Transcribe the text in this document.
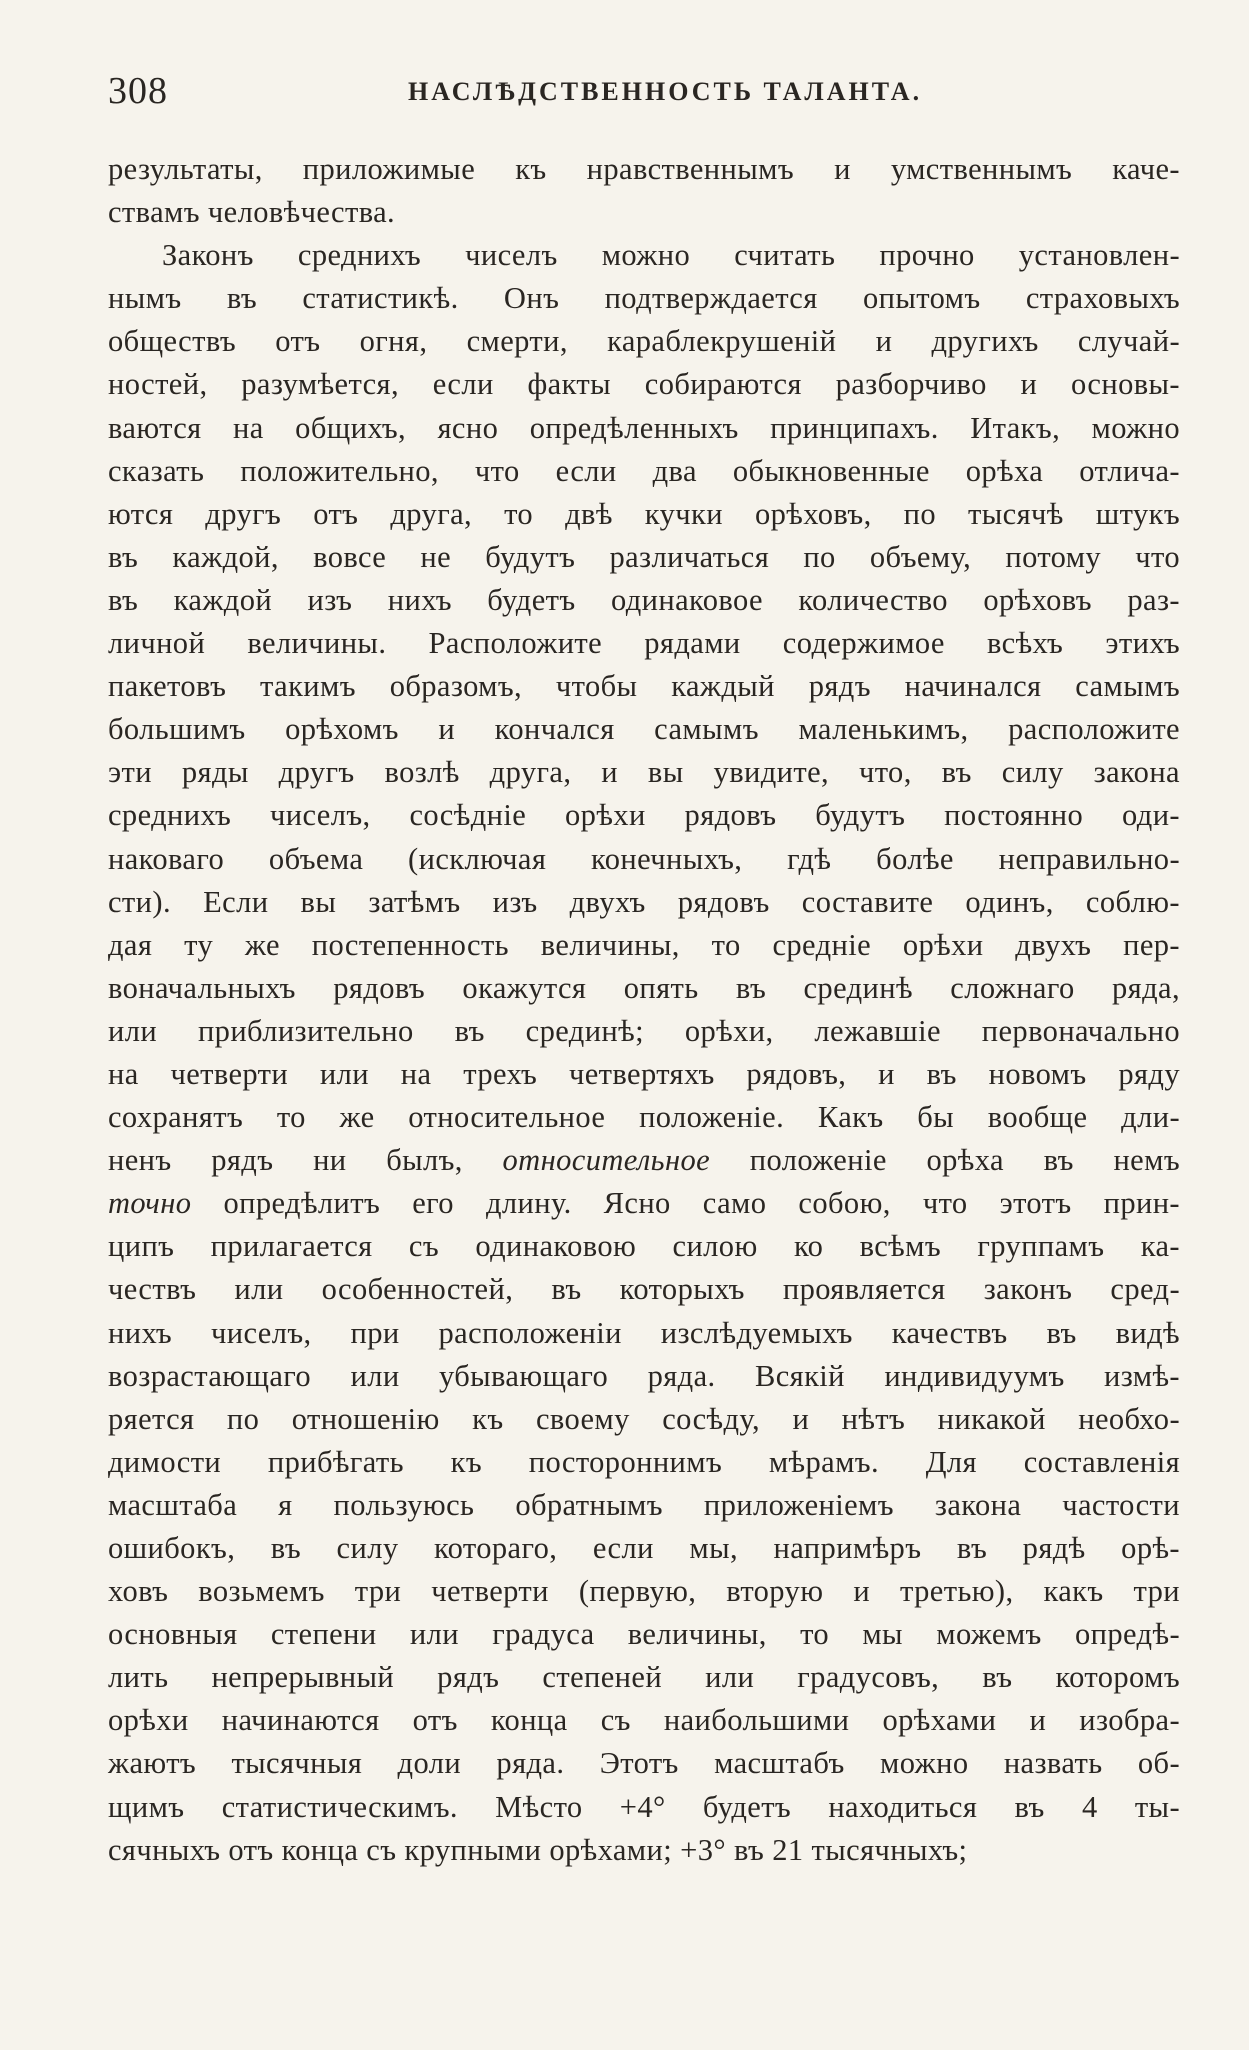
308	НАСЛѢДСТВЕННОСТЬ ТАЛАНТА.
результаты, приложимые къ нравственнымъ и умственнымъ каче-
ствамъ человѣчества.
Законъ среднихъ чиселъ можно считать прочно установлен-
нымъ въ статистикѣ. Онъ подтверждается опытомъ страховыхъ
обществъ отъ огня, смерти, караблекрушеній и другихъ случай-
ностей, разумѣется, если факты собираются разборчиво и основы-
ваются на общихъ, ясно опредѣленныхъ принципахъ. Итакъ, можно
сказать положительно, что если два обыкновенные орѣха отлича-
ются другъ отъ друга, то двѣ кучки орѣховъ, по тысячѣ штукъ
въ каждой, вовсе не будутъ различаться по объему, потому что
въ каждой изъ нихъ будетъ одинаковое количество орѣховъ раз-
личной величины. Расположите рядами содержимое всѣхъ этихъ
пакетовъ такимъ образомъ, чтобы каждый рядъ начинался самымъ
большимъ орѣхомъ и кончался самымъ маленькимъ, расположите
эти ряды другъ возлѣ друга, и вы увидите, что, въ силу закона
среднихъ чиселъ, сосѣдніе орѣхи рядовъ будутъ постоянно оди-
наковаго объема (исключая конечныхъ, гдѣ болѣе неправильно-
сти). Если вы затѣмъ изъ двухъ рядовъ составите одинъ, соблю-
дая ту же постепенность величины, то средніе орѣхи двухъ пер-
воначальныхъ рядовъ окажутся опять въ срединѣ сложнаго ряда,
или приблизительно въ срединѣ; орѣхи, лежавшіе первоначально
на четверти или на трехъ четвертяхъ рядовъ, и въ новомъ ряду
сохранятъ то же относительное положеніе. Какъ бы вообще дли-
ненъ рядъ ни былъ, относительное положеніе орѣха въ немъ
точно опредѣлитъ его длину. Ясно само собою, что этотъ прин-
ципъ прилагается съ одинаковою силою ко всѣмъ группамъ ка-
чествъ или особенностей, въ которыхъ проявляется законъ сред-
нихъ чиселъ, при расположеніи изслѣдуемыхъ качествъ въ видѣ
возрастающаго или убывающаго ряда. Всякій индивидуумъ измѣ-
ряется по отношенію къ своему сосѣду, и нѣтъ никакой необхо-
димости прибѣгать къ постороннимъ мѣрамъ. Для составленія
масштаба я пользуюсь обратнымъ приложеніемъ закона частости
ошибокъ, въ силу котораго, если мы, напримѣръ въ рядѣ орѣ-
ховъ возьмемъ три четверти (первую, вторую и третью), какъ три
основныя степени или градуса величины, то мы можемъ опредѣ-
лить непрерывный рядъ степеней или градусовъ, въ которомъ
орѣхи начинаются отъ конца съ наибольшими орѣхами и изобра-
жаютъ тысячныя доли ряда. Этотъ масштабъ можно назвать об-
щимъ статистическимъ. Мѣсто +4° будетъ находиться въ 4 ты-
сячныхъ отъ конца съ крупными орѣхами; +3° въ 21 тысячныхъ;
